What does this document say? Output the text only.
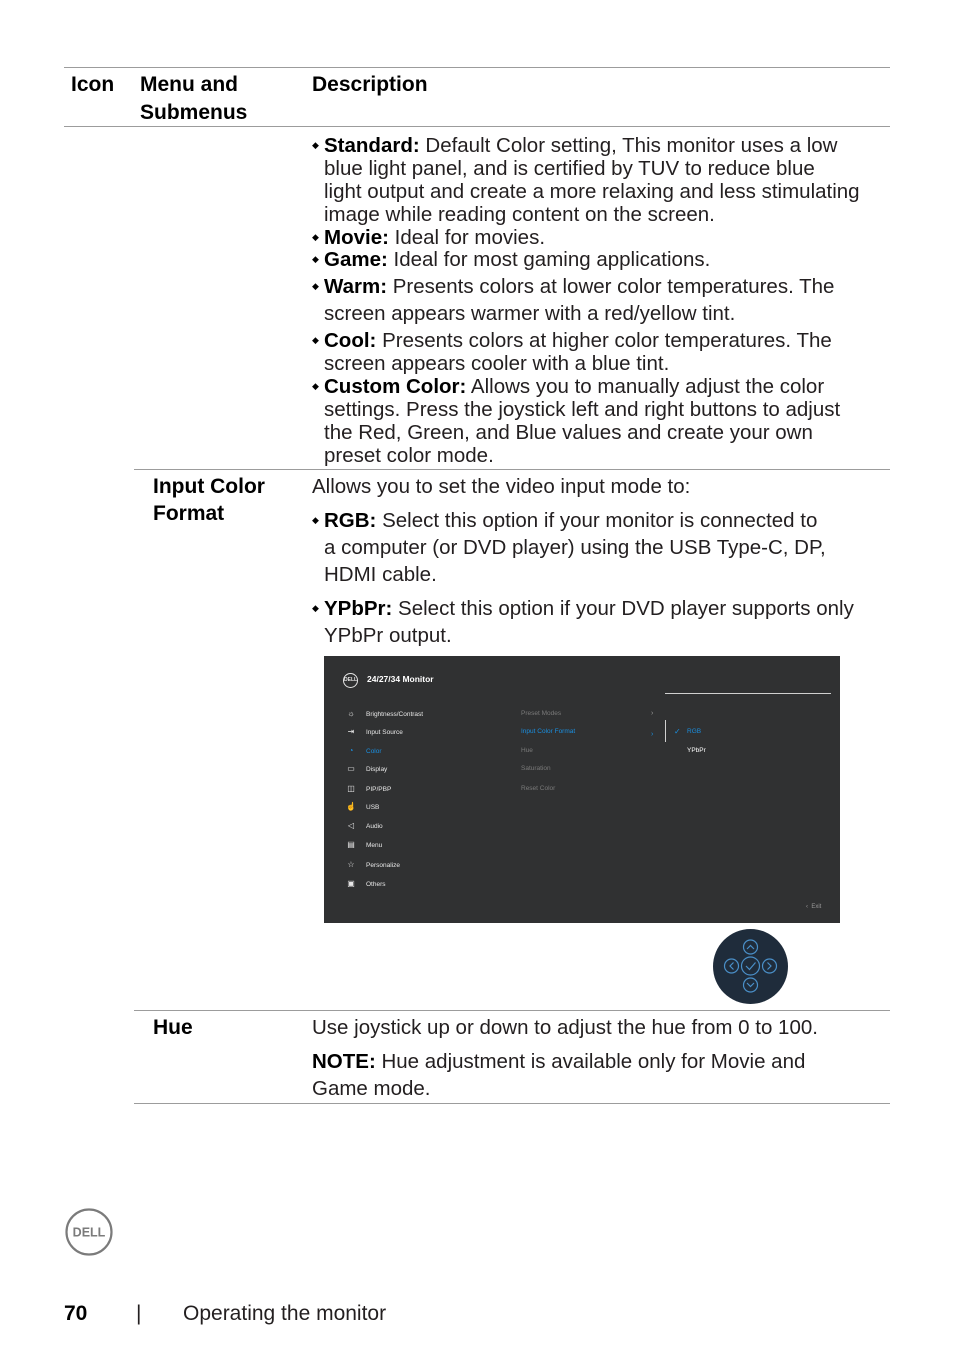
Icon Menu and
Submenus
Description
◆ Standard: Default Color setting, This monitor uses a low
blue light panel, and is certified by TUV to reduce blue
light output and create a more relaxing and less stimulating
image while reading content on the screen.
◆ Movie: Ideal for movies.
◆ Game: Ideal for most gaming applications.
◆ Warm: Presents colors at lower color temperatures. The
screen appears warmer with a red/yellow tint.
◆ Cool: Presents colors at higher color temperatures. The
screen appears cooler with a blue tint.
◆ Custom Color: Allows you to manually adjust the color
settings. Press the joystick left and right buttons to adjust
the Red, Green, and Blue values and create your own
preset color mode.
Input Color
Format
Allows you to set the video input mode to:
◆ RGB: Select this option if your monitor is connected to
a computer (or DVD player) using the USB Type-C, DP,
HDMI cable.
◆ YPbPr: Select this option if your DVD player supports only
YPbPr output.
DELL 24/27/34 Monitor
☼ Brightness/Contrast
⇥ Input Source
◔ Color
▭ Display
◫ PIP/PBP
☝ USB
◁ Audio
▤ Menu
☆ Personalize
▣ Others
Preset Modes	›
Input Color Format	›
Hue
Saturation
Reset Color
✓ RGB
YPbPr
‹ Exit
Hue	Use joystick up or down to adjust the hue from 0 to 100.
NOTE: Hue adjustment is available only for Movie and
Game mode.
DELL
70 | Operating the monitor
